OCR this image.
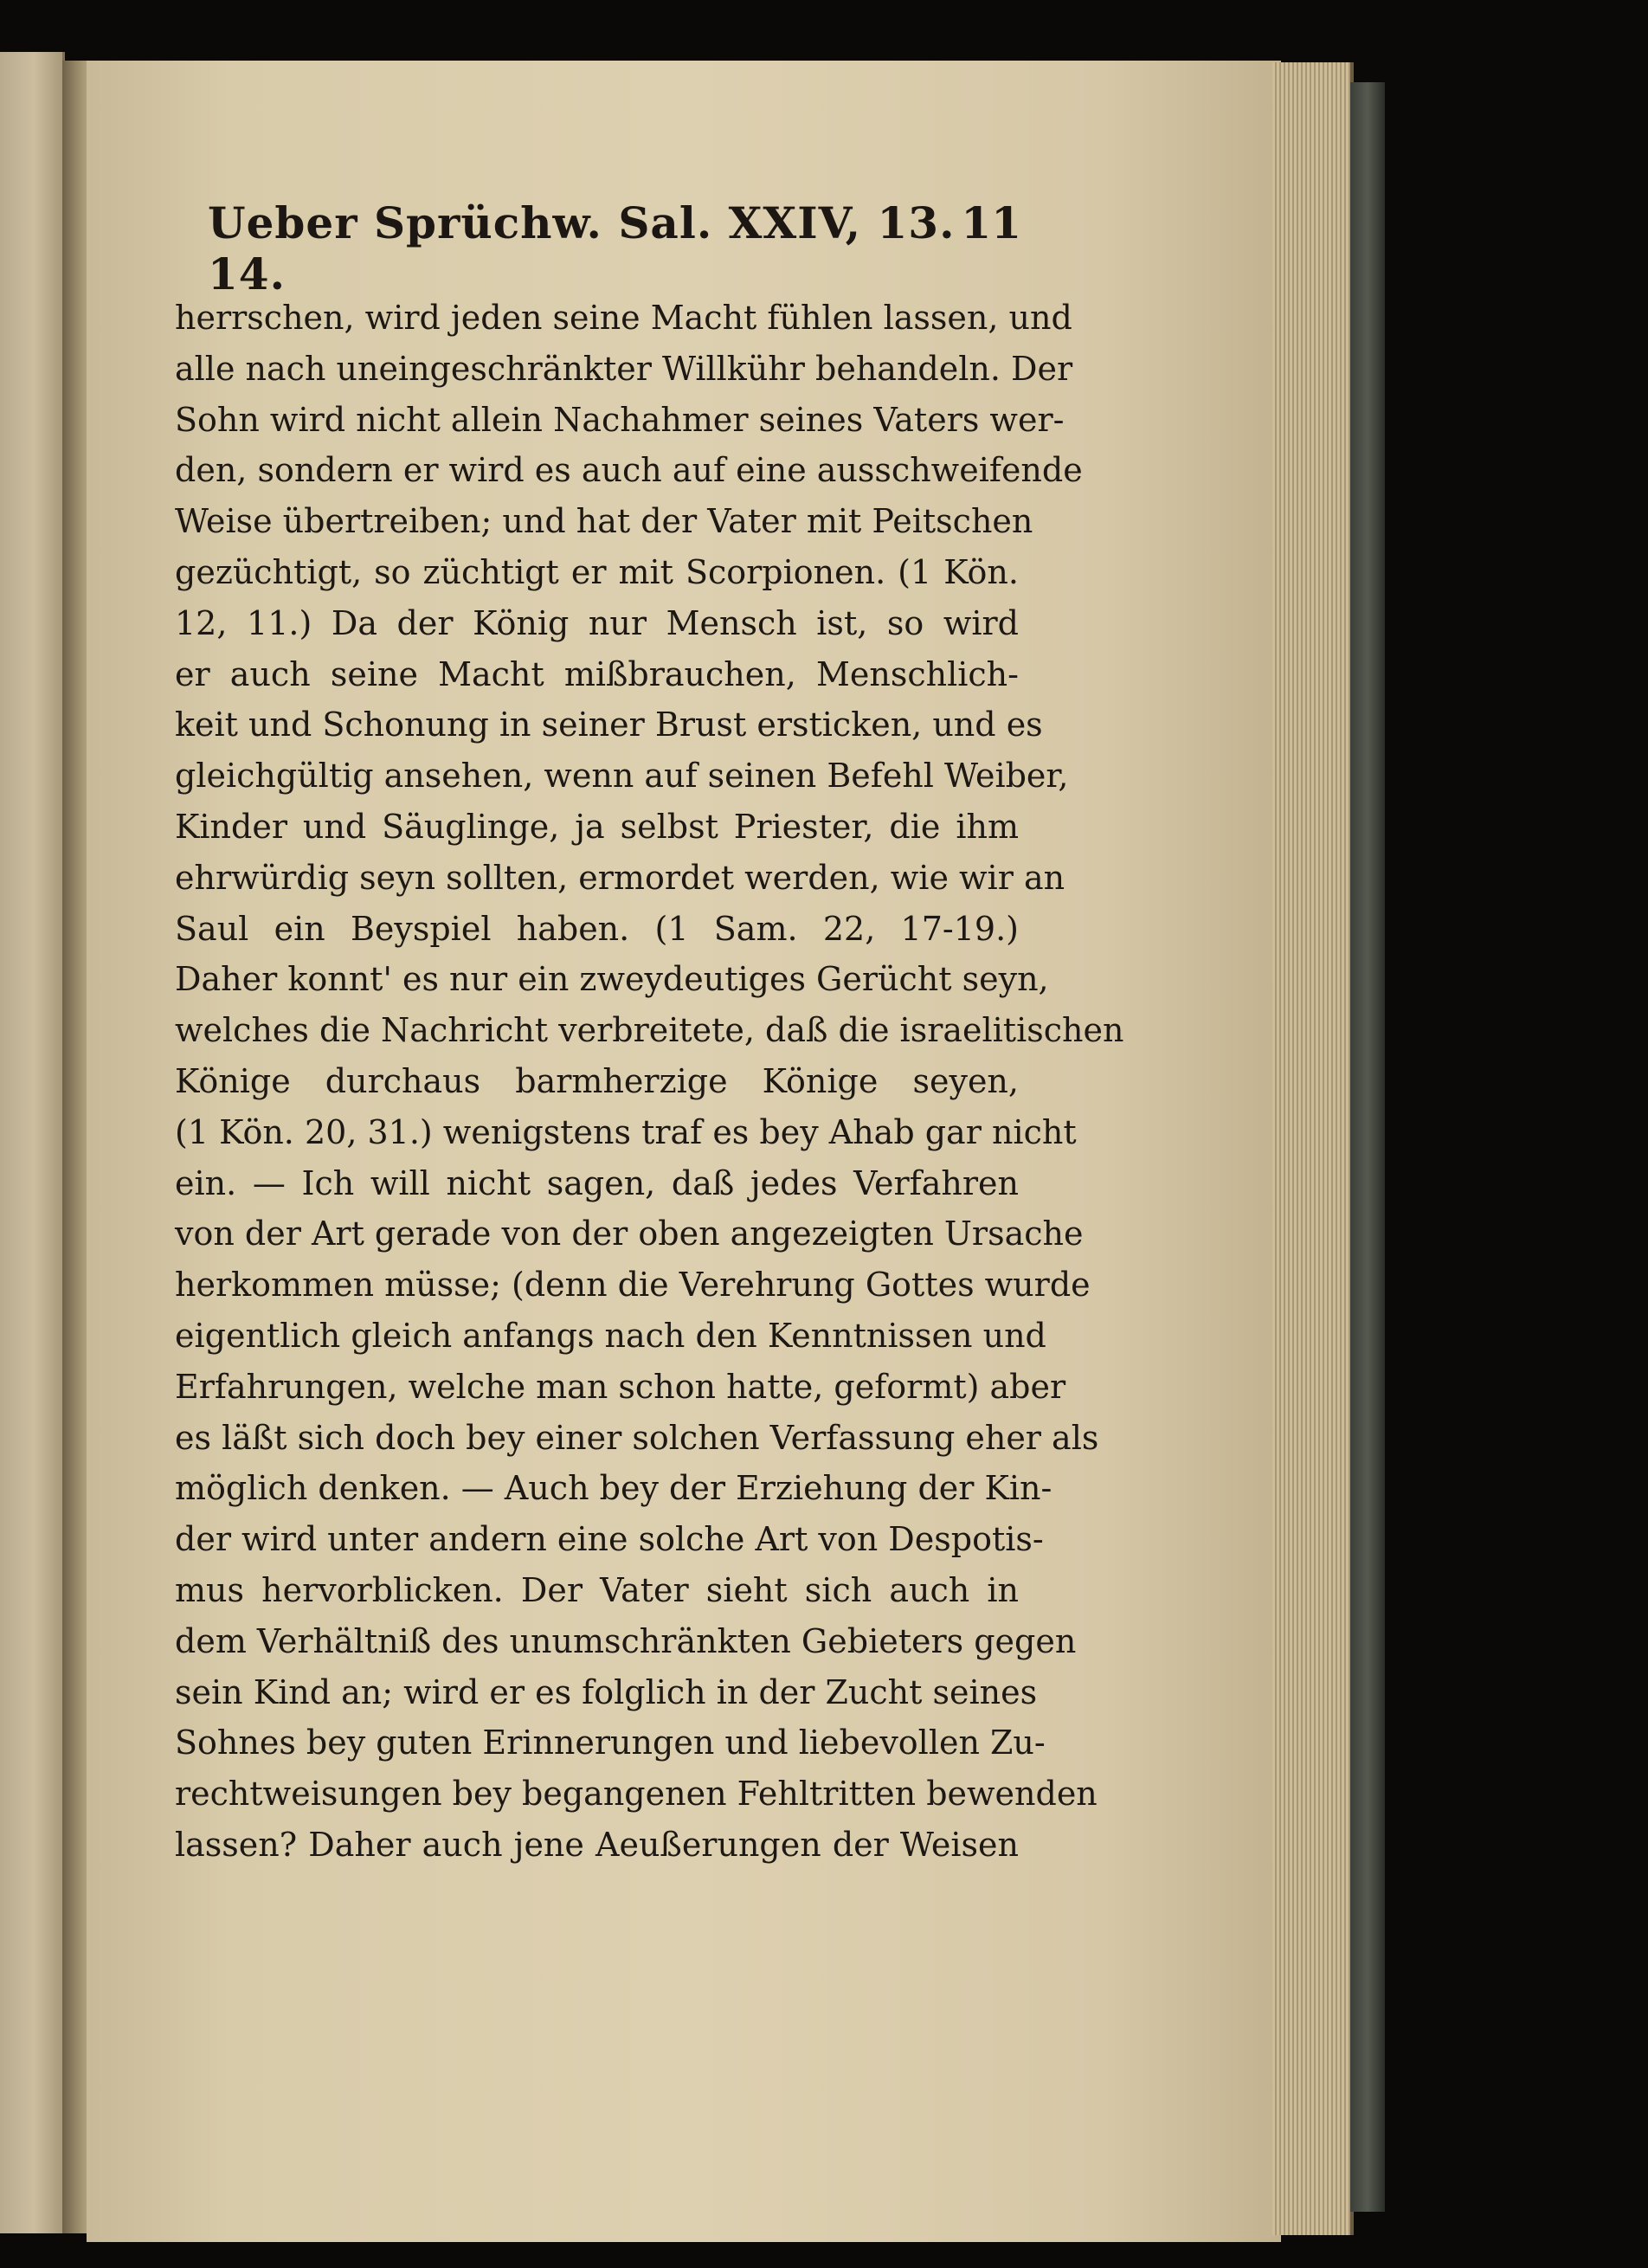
Ueber Sprüchw. Sal. XXIV, 13. 14.
11
herrschen, wird jeden seine Macht fühlen lassen, und
alle nach uneingeschränkter Willkühr behandeln. Der
Sohn wird nicht allein Nachahmer seines Vaters wer-
den, sondern er wird es auch auf eine ausschweifende
Weise übertreiben; und hat der Vater mit Peitschen
gezüchtigt, so züchtigt er mit Scorpionen. (1 Kön.
12, 11.) Da der König nur Mensch ist, so wird
er auch seine Macht mißbrauchen, Menschlich-
keit und Schonung in seiner Brust ersticken, und es
gleichgültig ansehen, wenn auf seinen Befehl Weiber,
Kinder und Säuglinge, ja selbst Priester, die ihm
ehrwürdig seyn sollten, ermordet werden, wie wir an
Saul ein Beyspiel haben. (1 Sam. 22, 17-19.)
Daher konnt' es nur ein zweydeutiges Gerücht seyn,
welches die Nachricht verbreitete, daß die israelitischen
Könige durchaus barmherzige Könige seyen,
(1 Kön. 20, 31.) wenigstens traf es bey Ahab gar nicht
ein. — Ich will nicht sagen, daß jedes Verfahren
von der Art gerade von der oben angezeigten Ursache
herkommen müsse; (denn die Verehrung Gottes wurde
eigentlich gleich anfangs nach den Kenntnissen und
Erfahrungen, welche man schon hatte, geformt) aber
es läßt sich doch bey einer solchen Verfassung eher als
möglich denken. — Auch bey der Erziehung der Kin-
der wird unter andern eine solche Art von Despotis-
mus hervorblicken. Der Vater sieht sich auch in
dem Verhältniß des unumschränkten Gebieters gegen
sein Kind an; wird er es folglich in der Zucht seines
Sohnes bey guten Erinnerungen und liebevollen Zu-
rechtweisungen bey begangenen Fehltritten bewenden
lassen? Daher auch jene Aeußerungen der Weisen
